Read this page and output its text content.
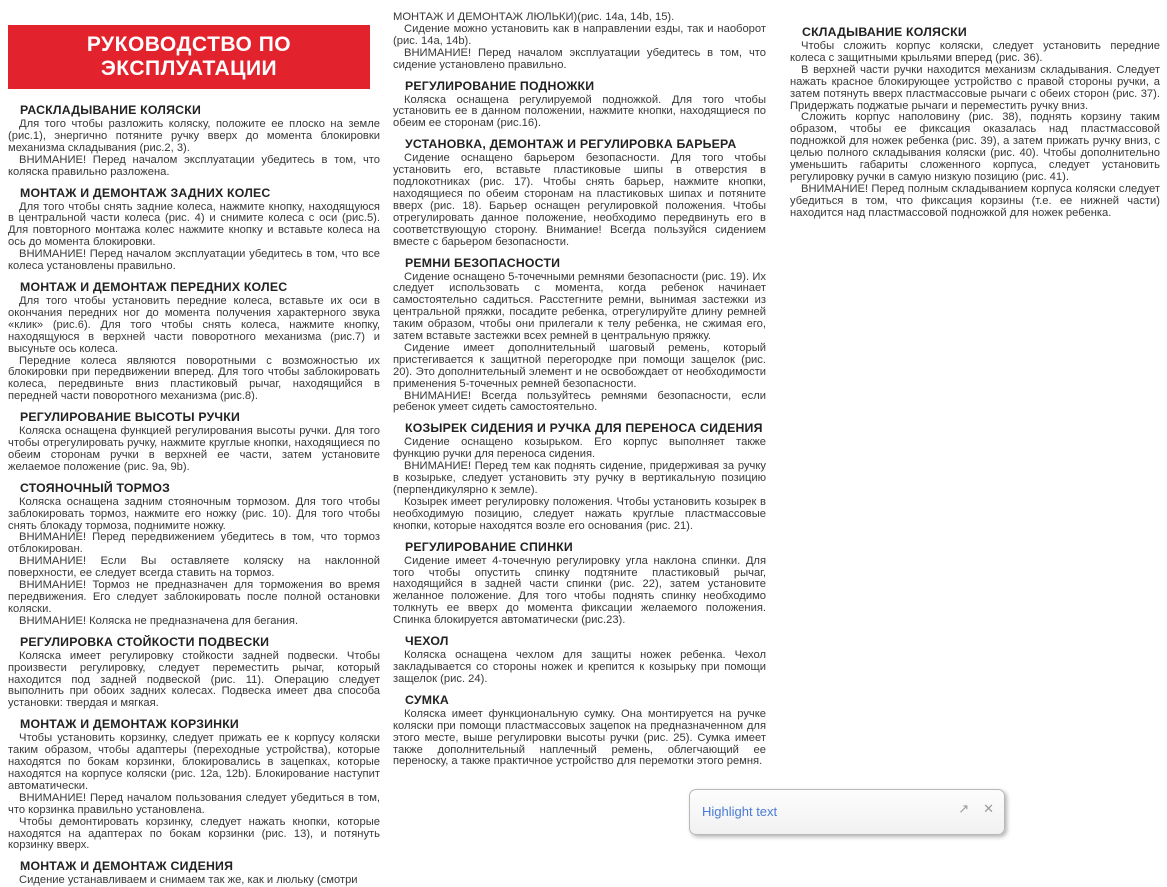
РУКОВОДСТВО ПО ЭКСПЛУАТАЦИИ
РАСКЛАДЫВАНИЕ КОЛЯСКИ

Для того чтобы разложить коляску, положите ее плоско на земле (рис.1), энергично потяните ручку вверх до момента блокировки механизма складывания (рис.2, 3).

ВНИМАНИЕ! Перед началом эксплуатации убедитесь в том, что коляска правильно разложена.

МОНТАЖ И ДЕМОНТАЖ ЗАДНИХ КОЛЕС

Для того чтобы снять задние колеса, нажмите кнопку, находящуюся в центральной части колеса (рис. 4) и снимите колеса с оси (рис.5). Для повторного монтажа колес нажмите кнопку и вставьте колеса на ось до момента блокировки.

ВНИМАНИЕ! Перед началом эксплуатации убедитесь в том, что все колеса установлены правильно.

МОНТАЖ И ДЕМОНТАЖ ПЕРЕДНИХ КОЛЕС

Для того чтобы установить передние колеса, вставьте их оси в окончания передних ног до момента получения характерного звука «клик» (рис.6). Для того чтобы снять колеса, нажмите кнопку, находящуюся в верхней части поворотного механизма (рис.7) и высуньте ось колеса.

Передние колеса являются поворотными с возможностью их блокировки при передвижении вперед. Для того чтобы заблокировать колеса, передвиньте вниз пластиковый рычаг, находящийся в передней части поворотного механизма (рис.8).

РЕГУЛИРОВАНИЕ ВЫСОТЫ РУЧКИ

Коляска оснащена функцией регулирования высоты ручки. Для того чтобы отрегулировать ручку, нажмите круглые кнопки, находящиеся по обеим сторонам ручки в верхней ее части, затем установите желаемое положение (рис. 9a, 9b).

СТОЯНОЧНЫЙ ТОРМОЗ

Коляска оснащена задним стояночным тормозом. Для того чтобы заблокировать тормоз, нажмите его ножку (рис. 10). Для того чтобы снять блокаду тормоза, поднимите ножку.

ВНИМАНИЕ! Перед передвижением убедитесь в том, что тормоз отблокирован.

ВНИМАНИЕ! Если Вы оставляете коляску на наклонной поверхности, ее следует всегда ставить на тормоз.

ВНИМАНИЕ! Тормоз не предназначен для торможения во время передвижения. Его следует заблокировать после полной остановки коляски.

ВНИМАНИЕ! Коляска не предназначена для бегания.

РЕГУЛИРОВКА СТОЙКОСТИ ПОДВЕСКИ

Коляска имеет регулировку стойкости задней подвески. Чтобы произвести регулировку, следует переместить рычаг, который находится под задней подвеской (рис. 11). Операцию следует выполнить при обоих задних колесах. Подвеска имеет два способа установки: твердая и мягкая.

МОНТАЖ И ДЕМОНТАЖ КОРЗИНКИ

Чтобы установить корзинку, следует прижать ее к корпусу коляски таким образом, чтобы адаптеры (переходные устройства), которые находятся по бокам корзинки, блокировались в зацепках, которые находятся на корпусе коляски (рис. 12a, 12b). Блокирование наступит автоматически.

ВНИМАНИЕ! Перед началом пользования следует убедиться в том, что корзинка правильно установлена.

Чтобы демонтировать корзинку, следует нажать кнопки, которые находятся на адаптерах по бокам корзинки (рис. 13), и потянуть корзинку вверх.

МОНТАЖ И ДЕМОНТАЖ СИДЕНИЯ

Сидение устанавливаем и снимаем так же, как и люльку (смотри

МОНТАЖ И ДЕМОНТАЖ ЛЮЛЬКИ)(рис. 14a, 14b, 15).

Сидение можно установить как в направлении езды, так и наоборот (рис. 14a, 14b).

ВНИМАНИЕ! Перед началом эксплуатации убедитесь в том, что сидение установлено правильно.

РЕГУЛИРОВАНИЕ ПОДНОЖКИ

Коляска оснащена регулируемой подножкой. Для того чтобы установить ее в данном положении, нажмите кнопки, находящиеся по обеим ее сторонам (рис.16).

УСТАНОВКА, ДЕМОНТАЖ И РЕГУЛИРОВКА БАРЬЕРА

Сидение оснащено барьером безопасности. Для того чтобы установить его, вставьте пластиковые шипы в отверстия в подлокотниках (рис. 17). Чтобы снять барьер, нажмите кнопки, находящиеся по обеим сторонам на пластиковых шипах и потяните вверх (рис. 18). Барьер оснащен регулировкой положения. Чтобы отрегулировать данное положение, необходимо передвинуть его в соответствующую сторону. Внимание! Всегда пользуйся сидением вместе с барьером безопасности.

РЕМНИ БЕЗОПАСНОСТИ

Сидение оснащено 5-точечными ремнями безопасности (рис. 19). Их следует использовать с момента, когда ребенок начинает самостоятельно садиться. Расстегните ремни, вынимая застежки из центральной пряжки, посадите ребенка, отрегулируйте длину ремней таким образом, чтобы они прилегали к телу ребенка, не сжимая его, затем вставьте застежки всех ремней в центральную пряжку.

Сидение имеет дополнительный шаговый ремень, который пристегивается к защитной перегородке при помощи защелок (рис. 20). Это дополнительный элемент и не освобождает от необходимости применения 5-точечных ремней безопасности.

ВНИМАНИЕ! Всегда пользуйтесь ремнями безопасности, если ребенок умеет сидеть самостоятельно.

КОЗЫРЕК СИДЕНИЯ И РУЧКА ДЛЯ ПЕРЕНОСА СИДЕНИЯ

Сидение оснащено козырьком. Его корпус выполняет также функцию ручки для переноса сидения.

ВНИМАНИЕ! Перед тем как поднять сидение, придерживая за ручку в козырьке, следует установить эту ручку в вертикальную позицию (перпендикулярно к земле).

Козырек имеет регулировку положения. Чтобы установить козырек в необходимую позицию, следует нажать круглые пластмассовые кнопки, которые находятся возле его основания (рис. 21).

РЕГУЛИРОВАНИЕ СПИНКИ

Сидение имеет 4-точечную регулировку угла наклона спинки. Для того чтобы опустить спинку подтяните пластиковый рычаг, находящийся в задней части спинки (рис. 22), затем установите желанное положение. Для того чтобы поднять спинку необходимо толкнуть ее вверх до момента фиксации желаемого положения. Спинка блокируется автоматически (рис.23).

ЧЕХОЛ

Коляска оснащена чехлом для защиты ножек ребенка. Чехол закладывается со стороны ножек и крепится к козырьку при помощи защелок (рис. 24).

СУМКА

Коляска имеет функциональную сумку. Она монтируется на ручке коляски при помощи пластмассовых зацепок на предназначенном для этого месте, выше регулировки высоты ручки (рис. 25). Сумка имеет также дополнительный наплечный ремень, облегчающий ее переноску, а также практичное устройство для перемотки этого ремня.

СКЛАДЫВАНИЕ КОЛЯСКИ

Чтобы сложить корпус коляски, следует установить передние колеса с защитными крыльями вперед (рис. 36).

В верхней части ручки находится механизм складывания. Следует нажать красное блокирующее устройство с правой стороны ручки, а затем потянуть вверх пластмассовые рычаги с обеих сторон (рис. 37). Придержать поджатые рычаги и переместить ручку вниз.

Сложить корпус наполовину (рис. 38), поднять корзину таким образом, чтобы ее фиксация оказалась над пластмассовой подножкой для ножек ребенка (рис. 39), а затем прижать ручку вниз, с целью полного складывания коляски (рис. 40). Чтобы дополнительно уменьшить габариты сложенного корпуса, следует установить регулировку ручки в самую низкую позицию (рис. 41).

ВНИМАНИЕ! Перед полным складыванием корпуса коляски следует убедиться в том, что фиксация корзины (т.е. ее нижней части) находится над пластмассовой подножкой для ножек ребенка.

Highlight text	↗ ✕
